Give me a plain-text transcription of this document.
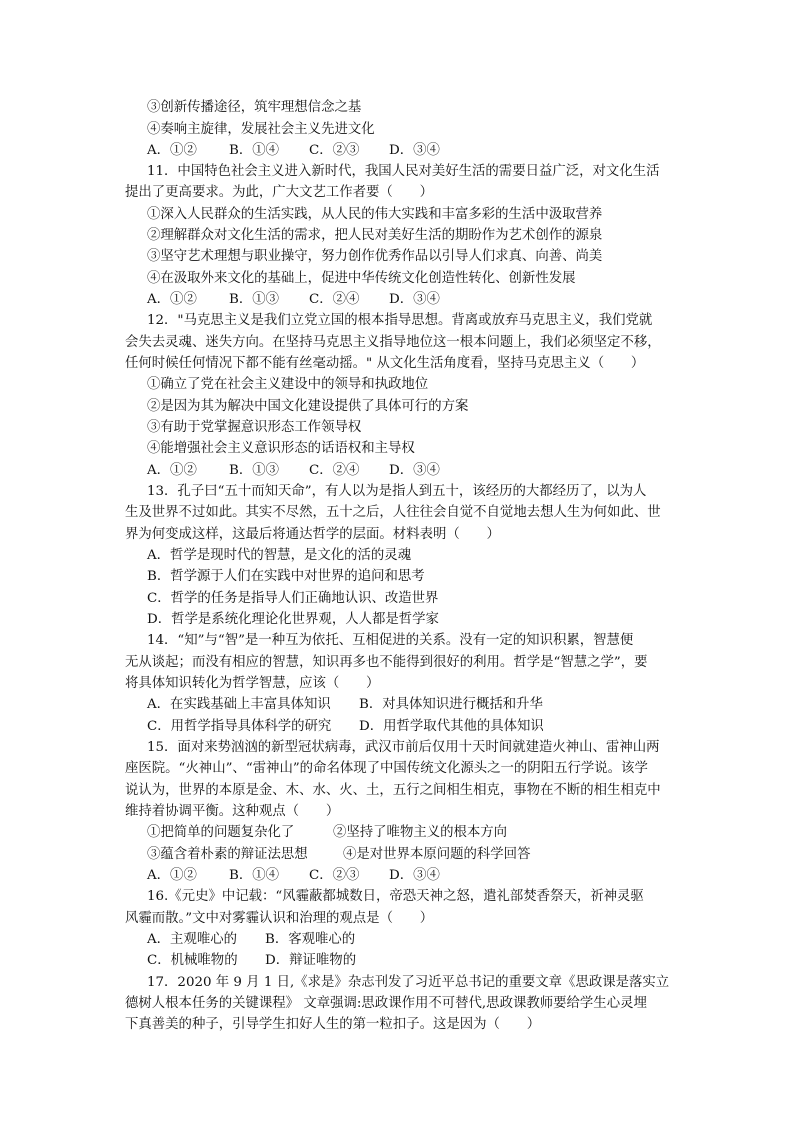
③创新传播途径，筑牢理想信念之基
④奏响主旋律，发展社会主义先进文化
A．①② B．①④ C．②③ D．③④
11．中国特色社会主义进入新时代，我国人民对美好生活的需要日益广泛，对文化生活
提出了更高要求。为此，广大文艺工作者要（　　）
①深入人民群众的生活实践，从人民的伟大实践和丰富多彩的生活中汲取营养
②理解群众对文化生活的需求，把人民对美好生活的期盼作为艺术创作的源泉
③坚守艺术理想与职业操守，努力创作优秀作品以引导人们求真、向善、尚美
④在汲取外来文化的基础上，促进中华传统文化创造性转化、创新性发展
A．①② B．①③ C．②④ D．③④
12．"马克思主义是我们立党立国的根本指导思想。背离或放弃马克思主义，我们党就
会失去灵魂、迷失方向。在坚持马克思主义指导地位这一根本问题上，我们必须坚定不移，
任何时候任何情况下都不能有丝毫动摇。" 从文化生活角度看，坚持马克思主义（　　）
①确立了党在社会主义建设中的领导和执政地位
②是因为其为解决中国文化建设提供了具体可行的方案
③有助于党掌握意识形态工作领导权
④能增强社会主义意识形态的话语权和主导权
A．①② B．①③ C．②④ D．③④
13．孔子曰“五十而知天命”，有人以为是指人到五十，该经历的大都经历了，以为人
生及世界不过如此。其实不尽然，五十之后，人往往会自觉不自觉地去想人生为何如此、世
界为何变成这样，这最后将通达哲学的层面。材料表明（　　）
A．哲学是现时代的智慧，是文化的活的灵魂
B．哲学源于人们在实践中对世界的追问和思考
C．哲学的任务是指导人们正确地认识、改造世界
D．哲学是系统化理论化世界观，人人都是哲学家
14．“知”与“智”是一种互为依托、互相促进的关系。没有一定的知识积累，智慧便
无从谈起；而没有相应的智慧，知识再多也不能得到很好的利用。哲学是“智慧之学”，要
将具体知识转化为哲学智慧，应该（　　）
A．在实践基础上丰富具体知识 B．对具体知识进行概括和升华
C．用哲学指导具体科学的研究 D．用哲学取代其他的具体知识
15．面对来势汹汹的新型冠状病毒，武汉市前后仅用十天时间就建造火神山、雷神山两
座医院。“火神山”、“雷神山”的命名体现了中国传统文化源头之一的阴阳五行学说。该学
说认为，世界的本原是金、木、水、火、土，五行之间相生相克，事物在不断的相生相克中
维持着协调平衡。这种观点（　　）
①把简单的问题复杂化了	②坚持了唯物主义的根本方向
③蕴含着朴素的辩证法思想	④是对世界本原问题的科学回答
A．①② B．①④ C．②③ D．③④
16.《元史》中记载：“风霾蔽都城数日，帝恐天神之怒，遣礼部焚香祭天，祈神灵驱
风霾而散。”文中对雾霾认识和治理的观点是（　　）
A．主观唯心的 B．客观唯心的
C．机械唯物的 D．辩证唯物的
17．2020 年 9 月 1 日,《求是》杂志刊发了习近平总书记的重要文章《思政课是落实立
德树人根本任务的关键课程》 文章强调:思政课作用不可替代,思政课教师要给学生心灵埋
下真善美的种子，引导学生扣好人生的第一粒扣子。这是因为（　　）
